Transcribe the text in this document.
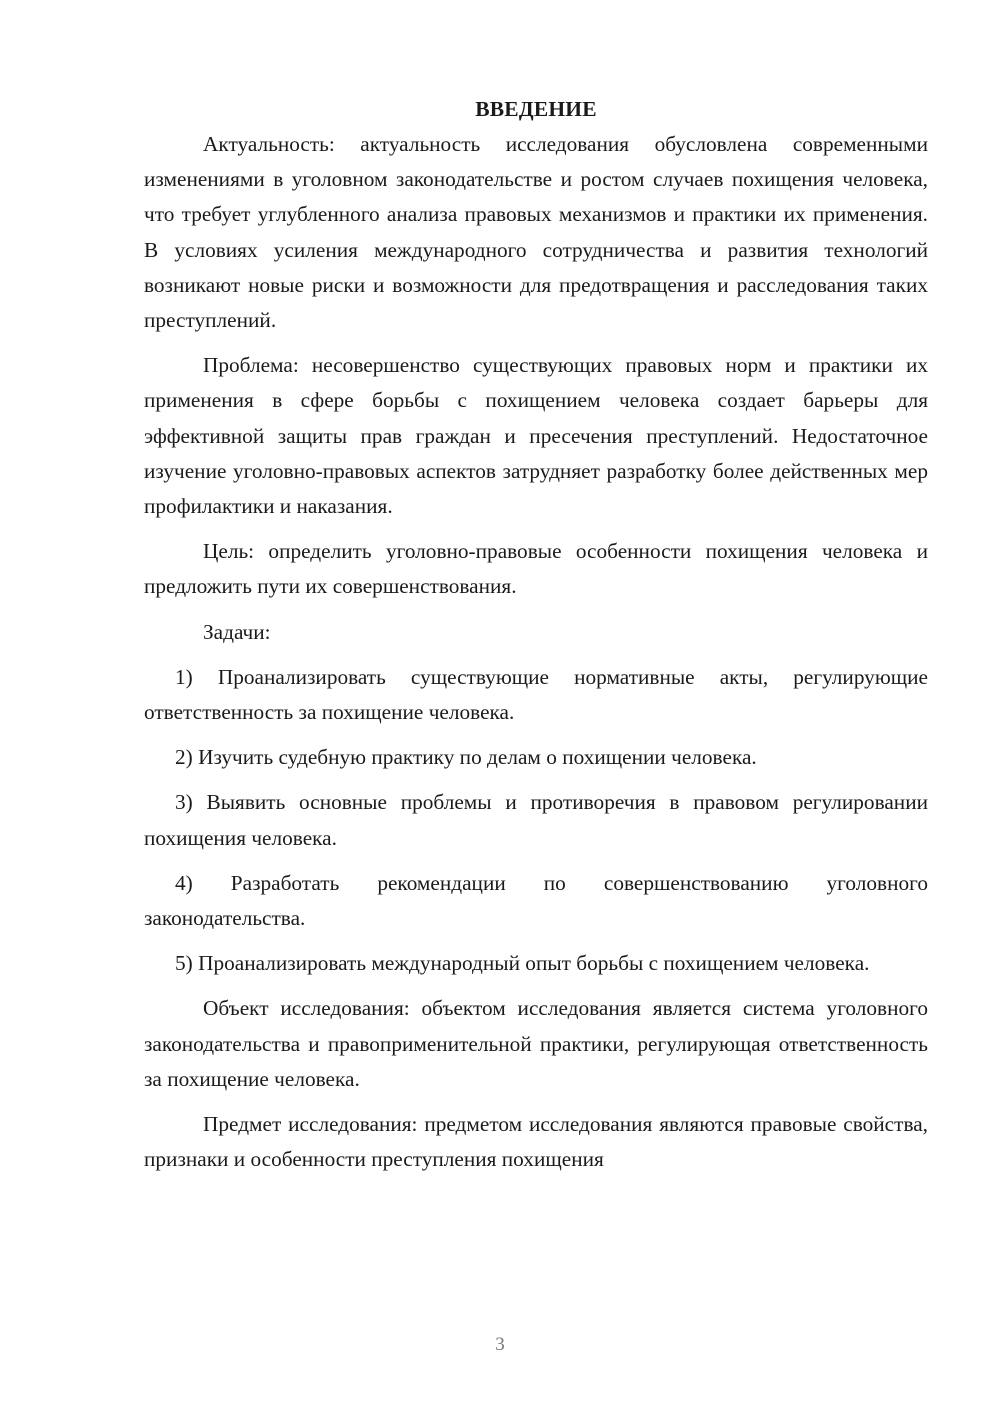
ВВЕДЕНИЕ

Актуальность: актуальность исследования обусловлена современными изменениями в уголовном законодательстве и ростом случаев похищения человека, что требует углубленного анализа правовых механизмов и практики их применения. В условиях усиления международного сотрудничества и развития технологий возникают новые риски и возможности для предотвращения и расследования таких преступлений.

Проблема: несовершенство существующих правовых норм и практики их применения в сфере борьбы с похищением человека создает барьеры для эффективной защиты прав граждан и пресечения преступлений. Недостаточное изучение уголовно-правовых аспектов затрудняет разработку более действенных мер профилактики и наказания.

Цель: определить уголовно-правовые особенности похищения человека и предложить пути их совершенствования.

Задачи:

1) Проанализировать существующие нормативные акты, регулирующие ответственность за похищение человека.

2) Изучить судебную практику по делам о похищении человека.

3) Выявить основные проблемы и противоречия в правовом регулировании похищения человека.

4) Разработать рекомендации по совершенствованию уголовного законодательства.

5) Проанализировать международный опыт борьбы с похищением человека.

Объект исследования: объектом исследования является система уголовного законодательства и правоприменительной практики, регулирующая ответственность за похищение человека.

Предмет исследования: предметом исследования являются правовые свойства, признаки и особенности преступления похищения

3
